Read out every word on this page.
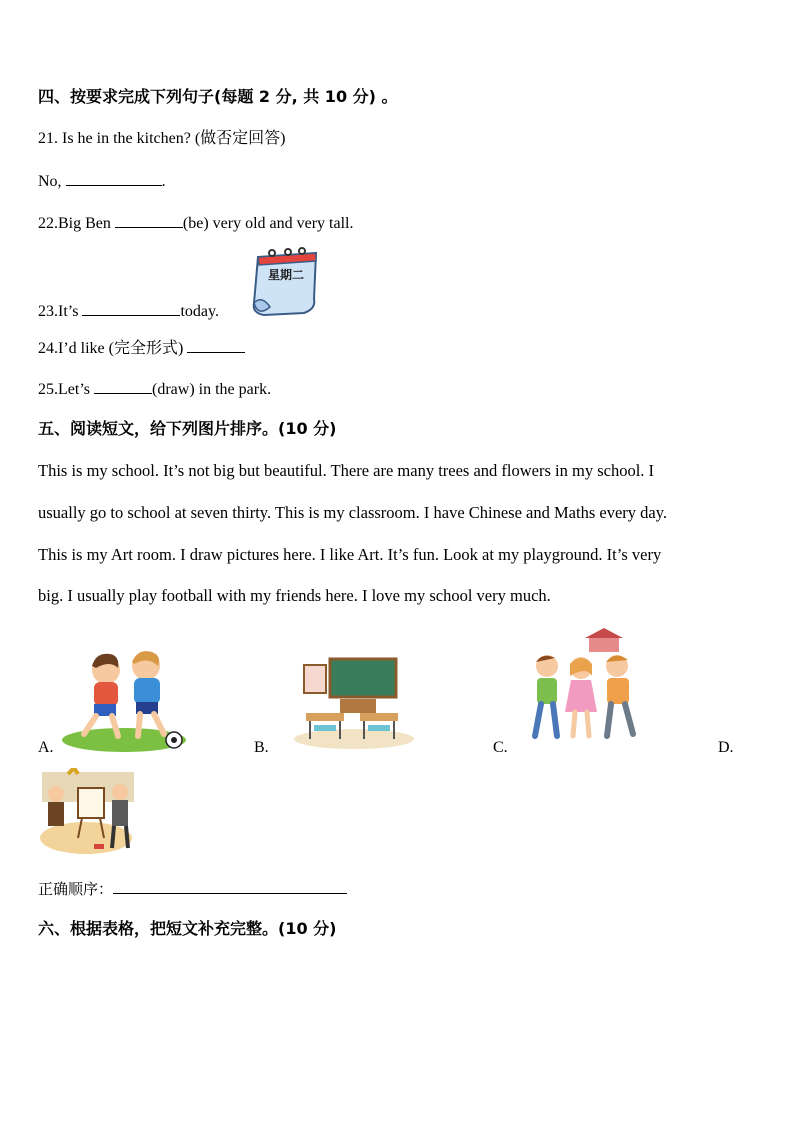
四、按要求完成下列句子(每题 2 分, 共 10 分) 。
21. Is he in the kitchen? (做否定回答)
No,	.
22.Big Ben	(be) very old and very tall.
星期二
23.It’s	today.
24.I’d like (完全形式)
25.Let’s	(draw) in the park.
五、阅读短文，给下列图片排序。(10 分)
This is my school. It’s not big but beautiful. There are many trees and flowers in my school. I
usually go to school at seven thirty. This is my classroom. I have Chinese and Maths every day.
This is my Art room. I draw pictures here. I like Art. It’s fun. Look at my playground. It’s very
big. I usually play football with my friends here. I love my school very much.
A.	B.	C.	D.
正确顺序：
六、根据表格，把短文补充完整。(10 分)
